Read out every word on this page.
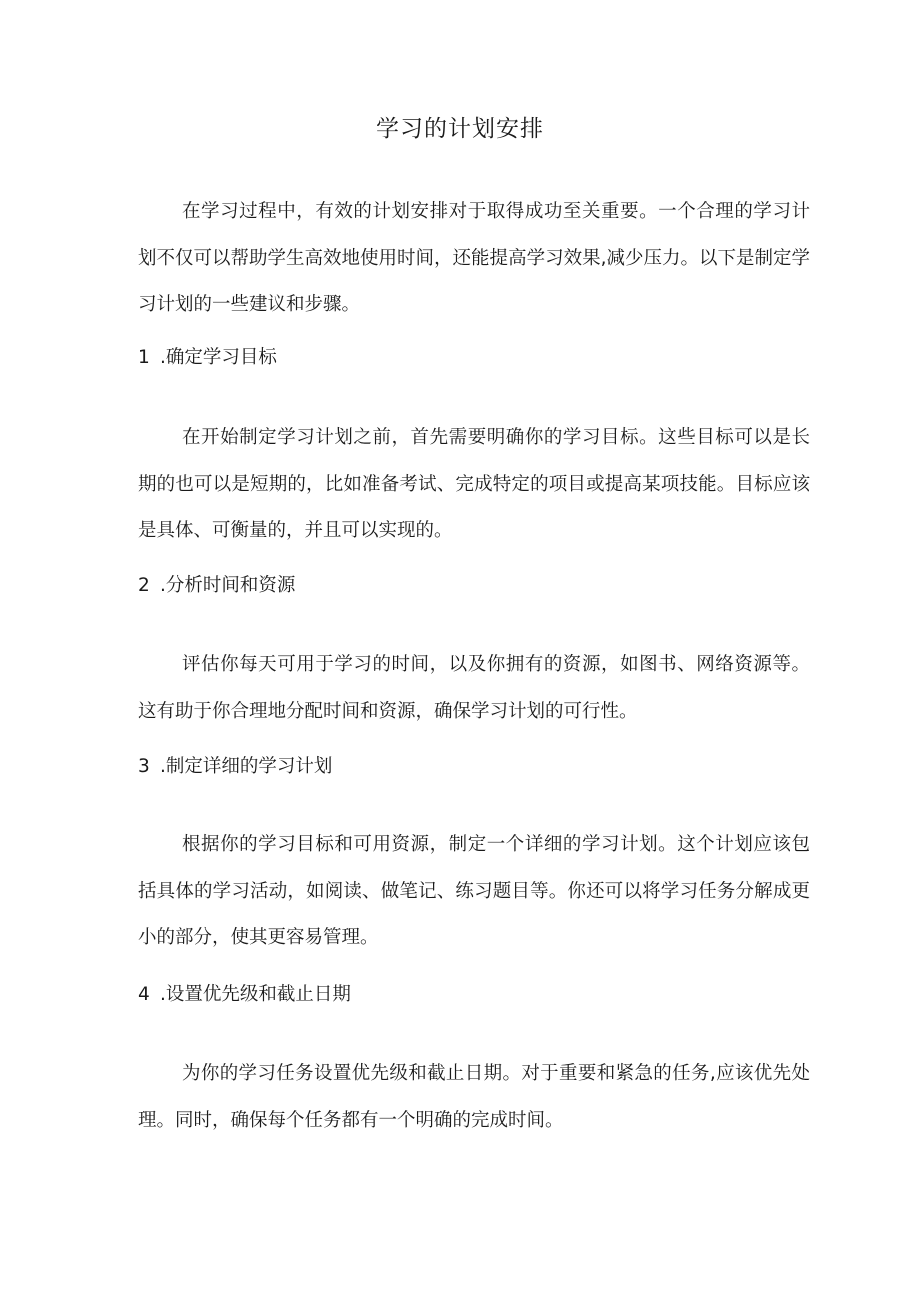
学习的计划安排

在学习过程中，有效的计划安排对于取得成功至关重要。一个合理的学习计划不仅可以帮助学生高效地使用时间，还能提高学习效果,减少压力。以下是制定学习计划的一些建议和步骤。

1 .确定学习目标

在开始制定学习计划之前，首先需要明确你的学习目标。这些目标可以是长期的也可以是短期的，比如准备考试、完成特定的项目或提高某项技能。目标应该是具体、可衡量的，并且可以实现的。

2 .分析时间和资源

评估你每天可用于学习的时间，以及你拥有的资源，如图书、网络资源等。这有助于你合理地分配时间和资源，确保学习计划的可行性。

3 .制定详细的学习计划

根据你的学习目标和可用资源，制定一个详细的学习计划。这个计划应该包括具体的学习活动，如阅读、做笔记、练习题目等。你还可以将学习任务分解成更小的部分，使其更容易管理。

4 .设置优先级和截止日期

为你的学习任务设置优先级和截止日期。对于重要和紧急的任务,应该优先处理。同时，确保每个任务都有一个明确的完成时间。
